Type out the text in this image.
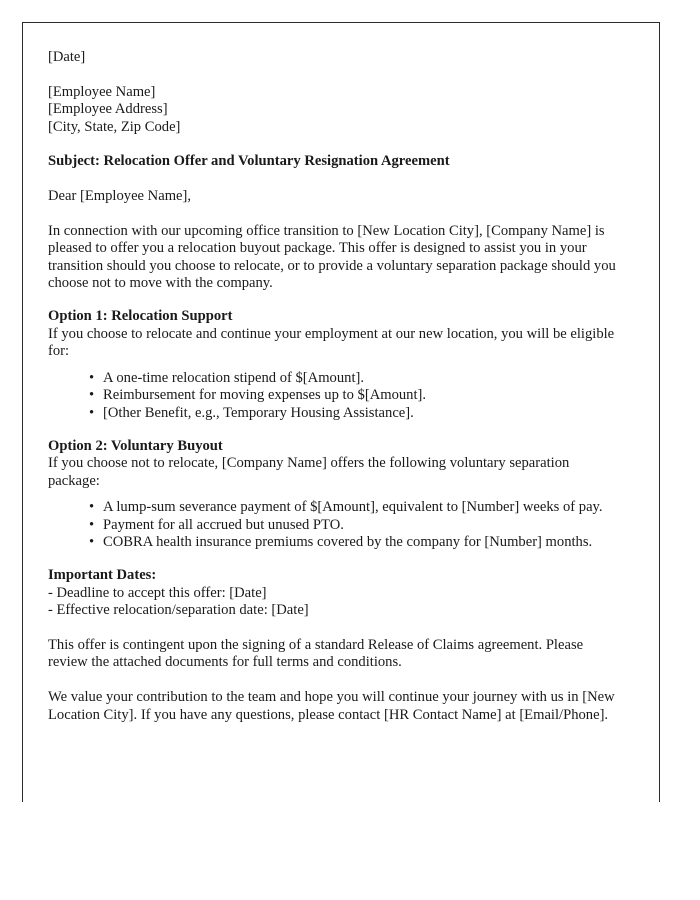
[Date]
[Employee Name]
[Employee Address]
[City, State, Zip Code]
Subject: Relocation Offer and Voluntary Resignation Agreement
Dear [Employee Name],
In connection with our upcoming office transition to [New Location City], [Company Name] is pleased to offer you a relocation buyout package. This offer is designed to assist you in your transition should you choose to relocate, or to provide a voluntary separation package should you choose not to move with the company.
Option 1: Relocation Support
If you choose to relocate and continue your employment at our new location, you will be eligible for:
• A one-time relocation stipend of $[Amount].
• Reimbursement for moving expenses up to $[Amount].
• [Other Benefit, e.g., Temporary Housing Assistance].
Option 2: Voluntary Buyout
If you choose not to relocate, [Company Name] offers the following voluntary separation package:
• A lump-sum severance payment of $[Amount], equivalent to [Number] weeks of pay.
• Payment for all accrued but unused PTO.
• COBRA health insurance premiums covered by the company for [Number] months.
Important Dates:
- Deadline to accept this offer: [Date]
- Effective relocation/separation date: [Date]
This offer is contingent upon the signing of a standard Release of Claims agreement. Please review the attached documents for full terms and conditions.
We value your contribution to the team and hope you will continue your journey with us in [New Location City]. If you have any questions, please contact [HR Contact Name] at [Email/Phone].
